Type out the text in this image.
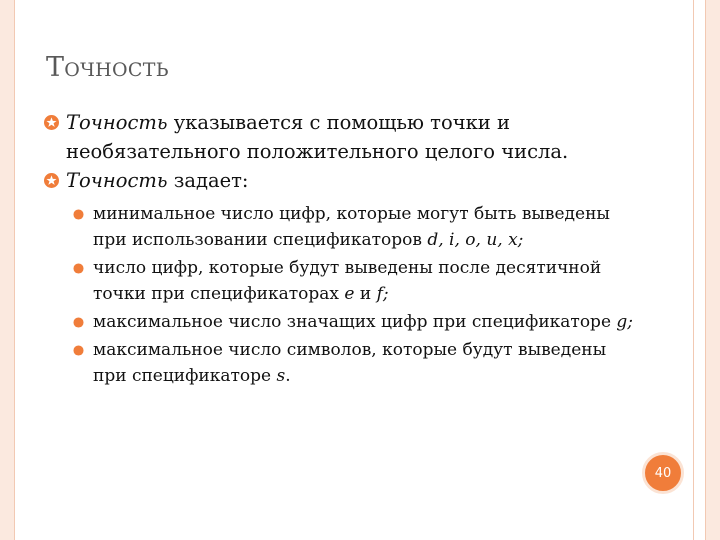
Точность
Точность указывается с помощью точки и необязательного положительного целого числа.
Точность задает:
минимальное число цифр, которые могут быть выведены при использовании спецификаторов d, i, o, u, x;
число цифр, которые будут выведены после десятичной точки при спецификаторах e и f;
максимальное число значащих цифр при спецификаторе g;
максимальное число символов, которые будут выведены при спецификаторе s.
40
